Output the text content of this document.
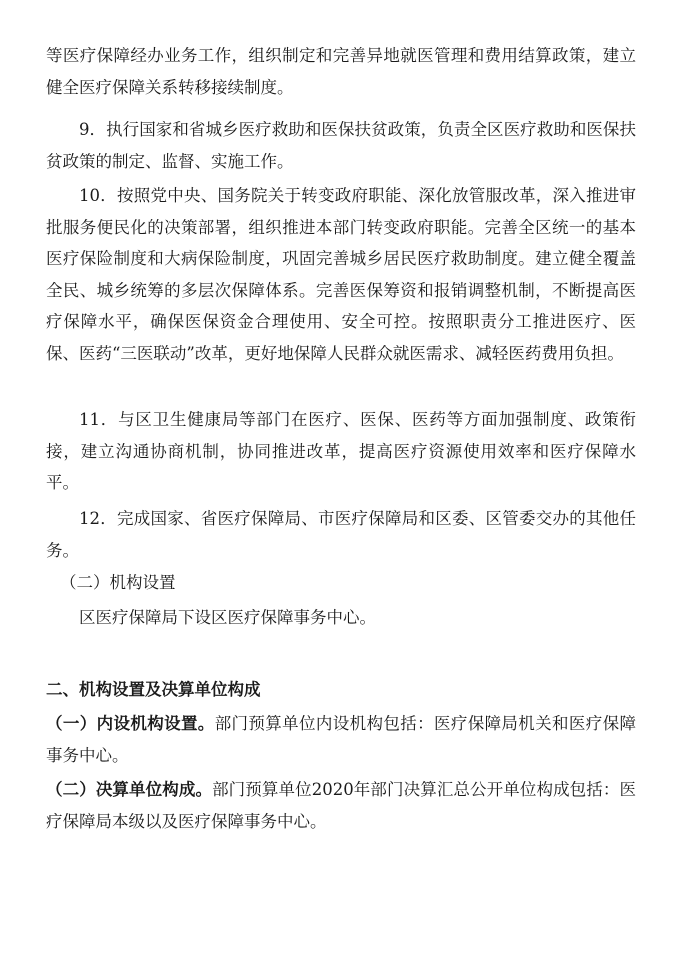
等医疗保障经办业务工作，组织制定和完善异地就医管理和费用结算政策，建立健全医疗保障关系转移接续制度。

9．执行国家和省城乡医疗救助和医保扶贫政策，负责全区医疗救助和医保扶贫政策的制定、监督、实施工作。

10．按照党中央、国务院关于转变政府职能、深化放管服改革，深入推进审批服务便民化的决策部署，组织推进本部门转变政府职能。完善全区统一的基本医疗保险制度和大病保险制度，巩固完善城乡居民医疗救助制度。建立健全覆盖全民、城乡统筹的多层次保障体系。完善医保筹资和报销调整机制，不断提高医疗保障水平，确保医保资金合理使用、安全可控。按照职责分工推进医疗、医保、医药“三医联动”改革，更好地保障人民群众就医需求、减轻医药费用负担。

11．与区卫生健康局等部门在医疗、医保、医药等方面加强制度、政策衔接，建立沟通协商机制，协同推进改革，提高医疗资源使用效率和医疗保障水平。

12．完成国家、省医疗保障局、市医疗保障局和区委、区管委交办的其他任务。

（二）机构设置

区医疗保障局下设区医疗保障事务中心。

二、机构设置及决算单位构成

（一）内设机构设置。部门预算单位内设机构包括：医疗保障局机关和医疗保障事务中心。

（二）决算单位构成。部门预算单位2020年部门决算汇总公开单位构成包括：医疗保障局本级以及医疗保障事务中心。
